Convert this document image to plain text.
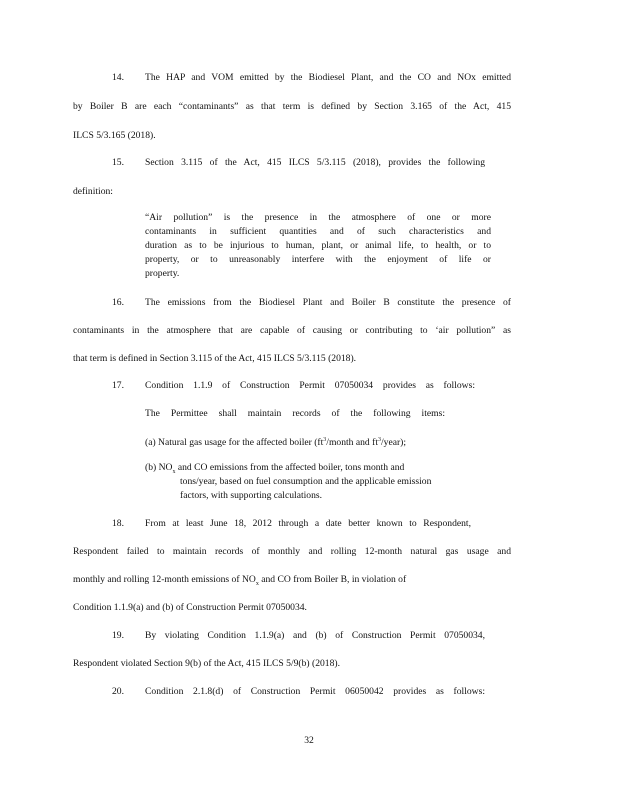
14. The HAP and VOM emitted by the Biodiesel Plant, and the CO and NOx emitted
by Boiler B are each “contaminants” as that term is defined by Section 3.165 of the Act, 415
ILCS 5/3.165 (2018).
15. Section 3.115 of the Act, 415 ILCS 5/3.115 (2018), provides the following
definition:
“Air pollution” is the presence in the atmosphere of one or more
contaminants in sufficient quantities and of such characteristics and
duration as to be injurious to human, plant, or animal life, to health, or to
property, or to unreasonably interfere with the enjoyment of life or
property.
16. The emissions from the Biodiesel Plant and Boiler B constitute the presence of
contaminants in the atmosphere that are capable of causing or contributing to ‘air pollution” as
that term is defined in Section 3.115 of the Act, 415 ILCS 5/3.115 (2018).
17. Condition 1.1.9 of Construction Permit 07050034 provides as follows:
The Permittee shall maintain records of the following items:
(a) Natural gas usage for the affected boiler ($ft^3$/month and $ft^3/year$);
(b) $NO_x$ and CO emissions from the affected boiler, tons month and
tons/year, based on fuel consumption and the applicable emission
factors, with supporting calculations.
18. From at least June 18, 2012 through a date better known to Respondent,
Respondent failed to maintain records of monthly and rolling 12-month natural gas usage and
monthly and rolling 12-month emissions of $NO_x$ and CO from Boiler B, in violation of
Condition 1.1.9(a) and (b) of Construction Permit 07050034.
19. By violating Condition 1.1.9(a) and (b) of Construction Permit 07050034,
Respondent violated Section 9(b) of the Act, 415 ILCS 5/9(b) (2018).
20. Condition 2.1.8(d) of Construction Permit 06050042 provides as follows:
32
